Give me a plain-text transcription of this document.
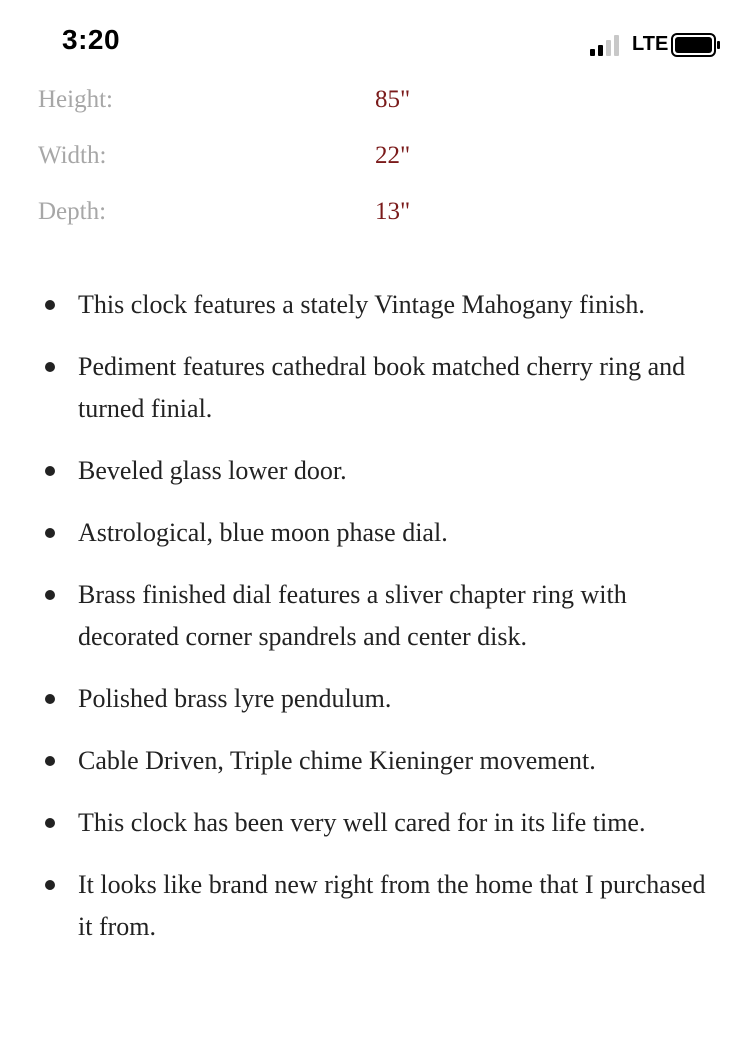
3:20	LTE
Height:	85"
Width:	22"
Depth:	13"
This clock features a stately Vintage Mahogany finish.
Pediment features cathedral book matched cherry ring and turned finial.
Beveled glass lower door.
Astrological, blue moon phase dial.
Brass finished dial features a sliver chapter ring with decorated corner spandrels and center disk.
Polished brass lyre pendulum.
Cable Driven, Triple chime Kieninger movement.
This clock has been very well cared for in its life time.
It looks like brand new right from the home that I purchased it from.
